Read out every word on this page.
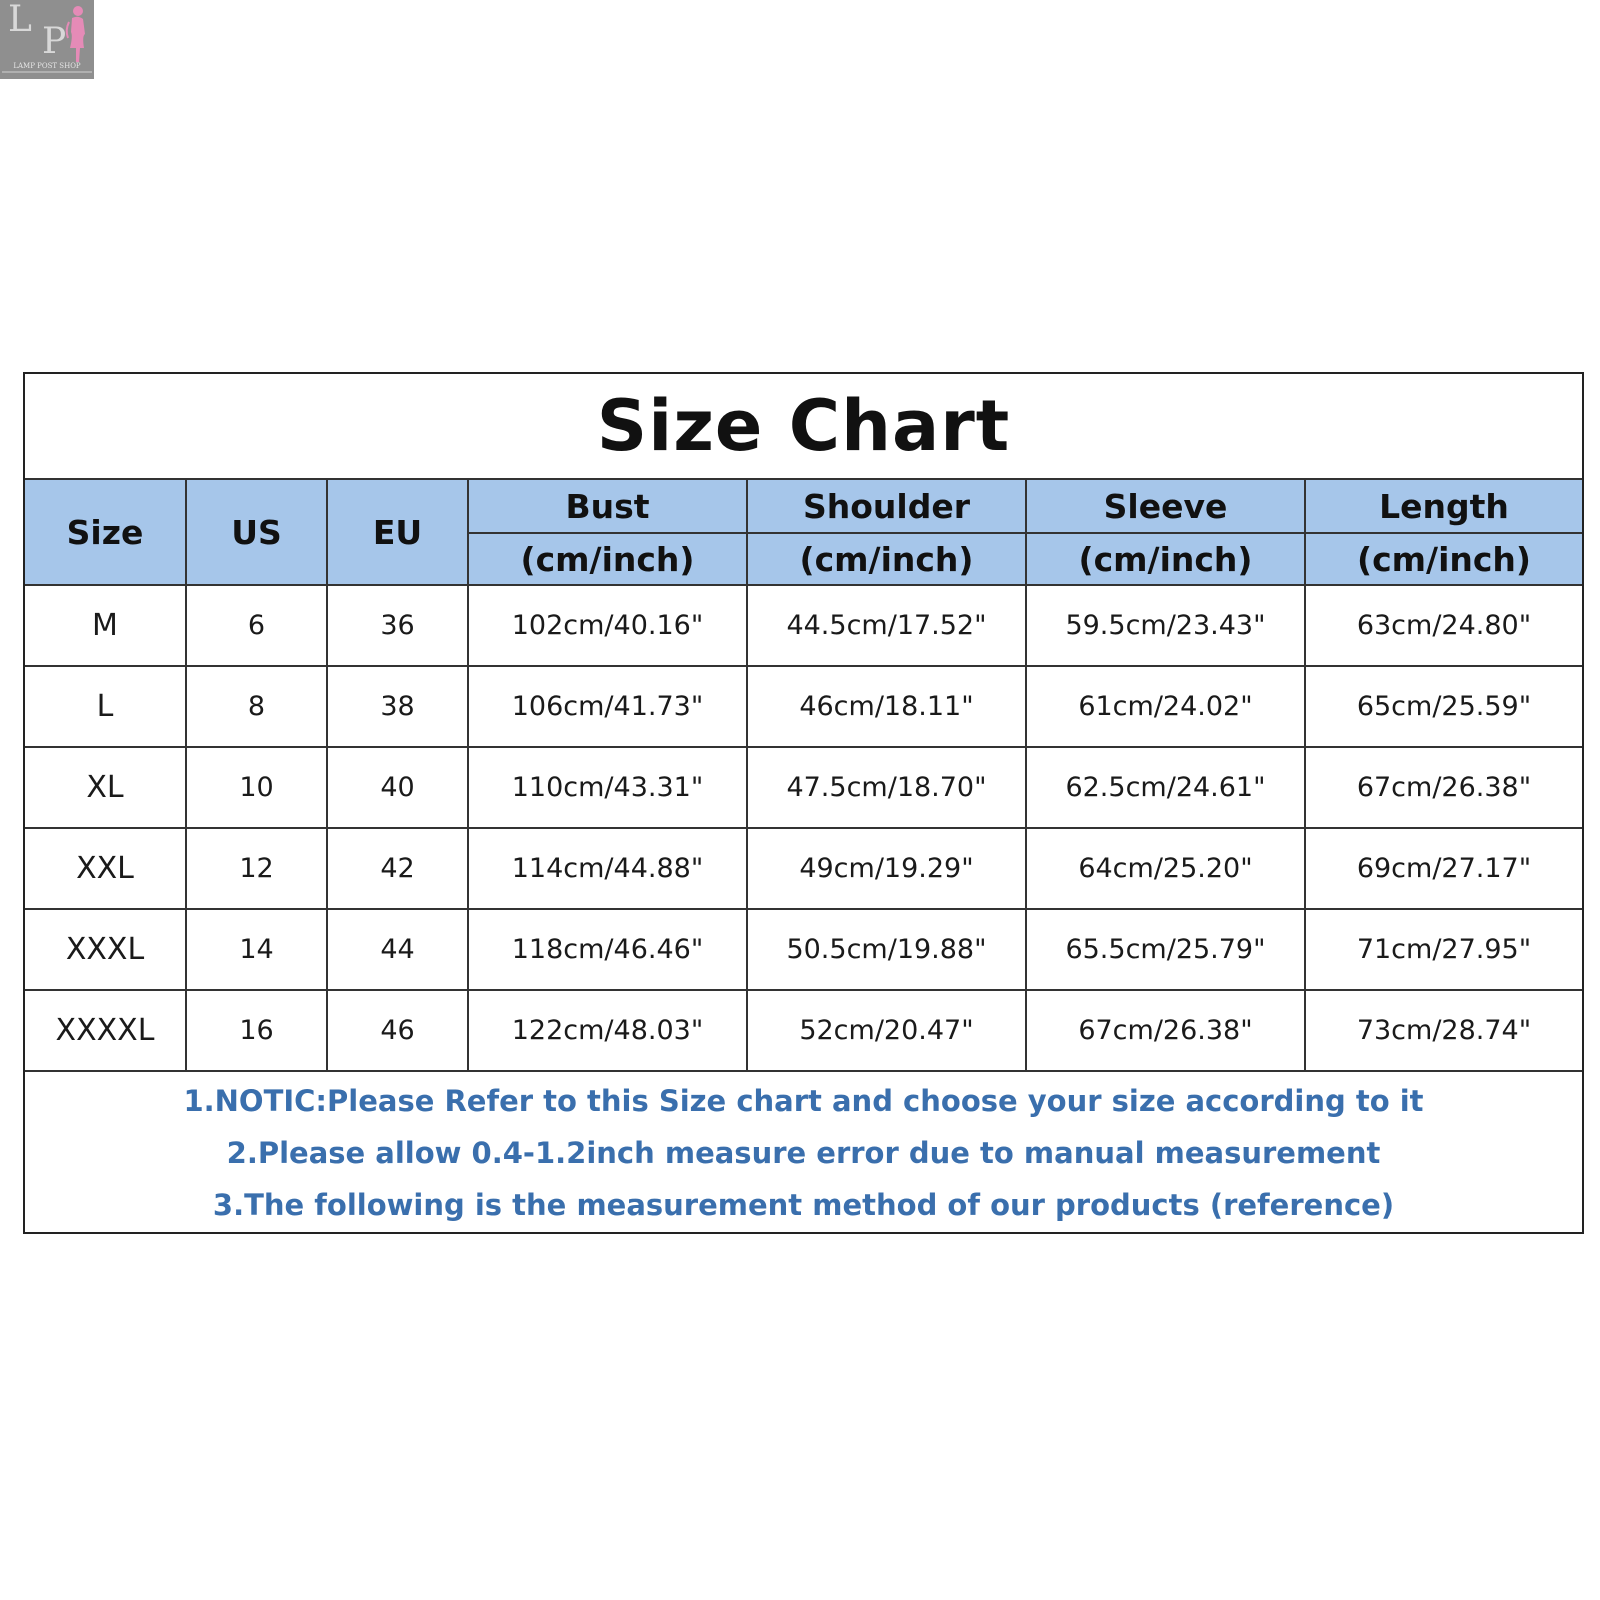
L
P
LAMP POST SHOP
Size Chart
Size	US	EU	Bust	Shoulder	Sleeve	Length
			(cm/inch)	(cm/inch)	(cm/inch)	(cm/inch)
M	6	36	102cm/40.16"	44.5cm/17.52"	59.5cm/23.43"	63cm/24.80"
L	8	38	106cm/41.73"	46cm/18.11"	61cm/24.02"	65cm/25.59"
XL	10	40	110cm/43.31"	47.5cm/18.70"	62.5cm/24.61"	67cm/26.38"
XXL	12	42	114cm/44.88"	49cm/19.29"	64cm/25.20"	69cm/27.17"
XXXL	14	44	118cm/46.46"	50.5cm/19.88"	65.5cm/25.79"	71cm/27.95"
XXXXL	16	46	122cm/48.03"	52cm/20.47"	67cm/26.38"	73cm/28.74"
1.NOTIC:Please Refer to this Size chart and choose your size according to it
2.Please allow 0.4-1.2inch measure error due to manual measurement
3.The following is the measurement method of our products (reference)
